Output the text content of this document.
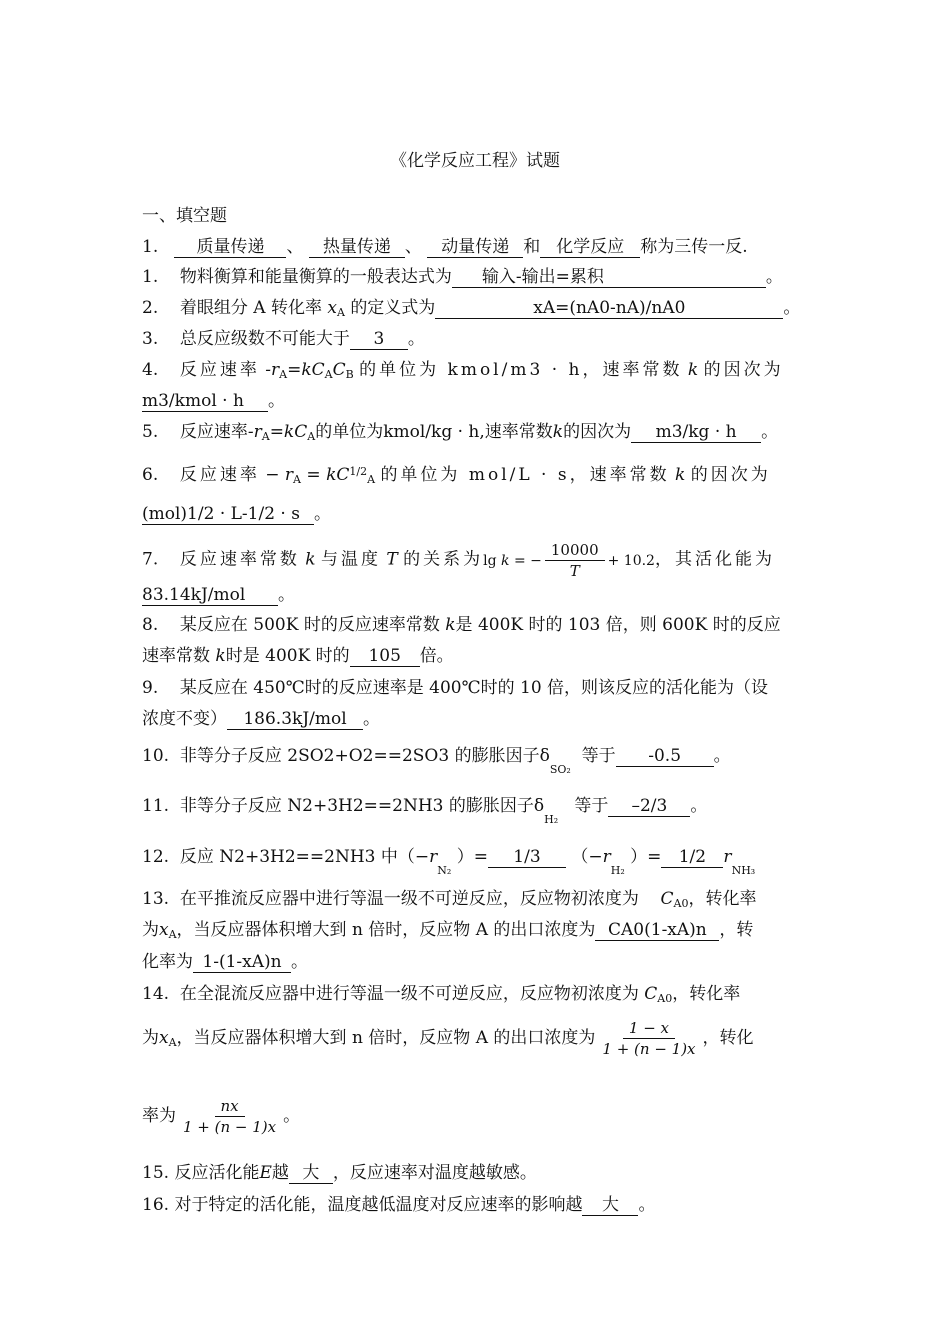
《化学反应工程》试题
一、填空题
1. 质量传递 、 热量传递 、 动量传递 和 化学反应 称为三传一反.
1. 物料衡算和能量衡算的一般表达式为 输入-输出=累积	。
2. 着眼组分 A 转化率 $x_A$ 的定义式为	xA=(nA0-nA)/nA0	。
3. 总反应级数不可能大于 3 。
4. 反应速率 $-r_A=kC_AC_B$ 的单位为 kmol/m3 · h，速率常数 k 的因次为
m3/kmol · h 。
5. 反应速率$-r_A=kC_A$的单位为kmol/kg · h,速率常数k的因次为 m3/kg · h 。
6. 反应速率 − $r_A = kC^{1/2}_A$ 的单位为 mol/L · s，速率常数 k 的因次为
(mol)1/2 · L-1/2 · s 。
7. 反应速率常数 k 与温度 T 的关系为lg k = − $\frac{10000}{T} + 10.2$，其活化能为
83.14kJ/mol 。
8. 某反应在 500K 时的反应速率常数 k是 400K 时的 103 倍，则 600K 时的反应
速率常数 k时是 400K 时的 105 倍。
9. 某反应在 450℃时的反应速率是 400℃时的 10 倍，则该反应的活化能为（设
浓度不变） 186.3kJ/mol 。
10. 非等分子反应 2SO2+O2==2SO3 的膨胀因子$\delta_{SO_2}$  等于 -0.5 。
11. 非等分子反应 N2+3H2==2NH3 的膨胀因子$\delta_{H_2}$   等于 –2/3 。
12. 反应 N2+3H2==2NH3 中（$-r_{N_2}$ ）= 1/3 （$-r_{H_2}$ ）= 1/2 $r_{NH_3}$
13. 在平推流反应器中进行等温一级不可逆反应，反应物初浓度为 $C_{A0}$，转化率
为$x_A$，当反应器体积增大到 n 倍时，反应物 A 的出口浓度为 CA0(1-xA)n ，转
化率为 1-(1-xA)n 。
14. 在全混流反应器中进行等温一级不可逆反应，反应物初浓度为 $C_{A0}$，转化率
为$x_A$，当反应器体积增大到 n 倍时，反应物 A 的出口浓度为 $\frac{1 - x}{1 + (n - 1)x}$ ，转化
率为 $\frac{nx}{1 + (n - 1)x}$ 。
15. 反应活化能E越 大 ，反应速率对温度越敏感。
16. 对于特定的活化能，温度越低温度对反应速率的影响越 大 。
